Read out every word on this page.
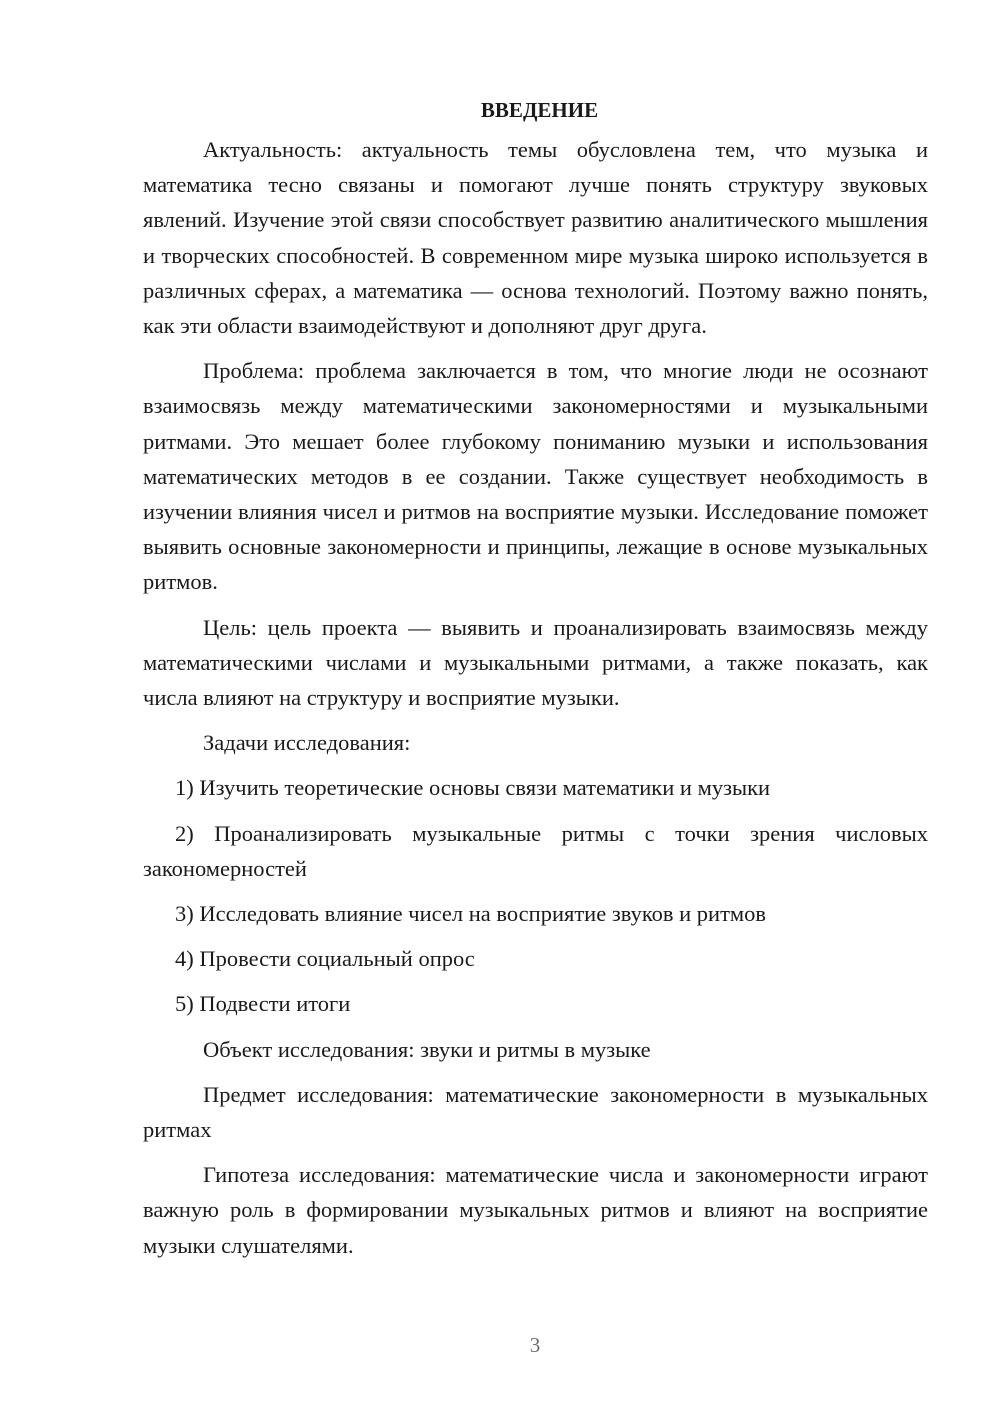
ВВЕДЕНИЕ

Актуальность: актуальность темы обусловлена тем, что музыка и математика тесно связаны и помогают лучше понять структуру звуковых явлений. Изучение этой связи способствует развитию аналитического мышления и творческих способностей. В современном мире музыка широко используется в различных сферах, а математика — основа технологий. Поэтому важно понять, как эти области взаимодействуют и дополняют друг друга.

Проблема: проблема заключается в том, что многие люди не осознают взаимосвязь между математическими закономерностями и музыкальными ритмами. Это мешает более глубокому пониманию музыки и использования математических методов в ее создании. Также существует необходимость в изучении влияния чисел и ритмов на восприятие музыки. Исследование поможет выявить основные закономерности и принципы, лежащие в основе музыкальных ритмов.

Цель: цель проекта — выявить и проанализировать взаимосвязь между математическими числами и музыкальными ритмами, а также показать, как числа влияют на структуру и восприятие музыки.

Задачи исследования:

1) Изучить теоретические основы связи математики и музыки

2) Проанализировать музыкальные ритмы с точки зрения числовых закономерностей

3) Исследовать влияние чисел на восприятие звуков и ритмов

4) Провести социальный опрос

5) Подвести итоги

Объект исследования: звуки и ритмы в музыке

Предмет исследования: математические закономерности в музыкальных ритмах

Гипотеза исследования: математические числа и закономерности играют важную роль в формировании музыкальных ритмов и влияют на восприятие музыки слушателями.

3
